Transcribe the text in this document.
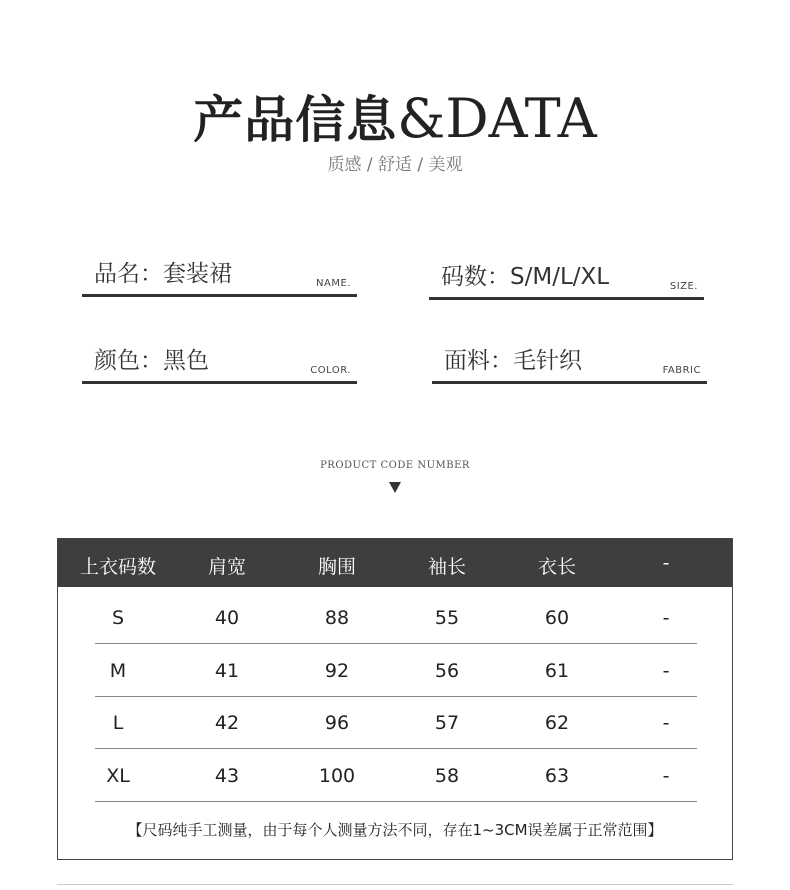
产品信息&DATA
质感 / 舒适 / 美观
品名：套装裙	NAME.	码数：S/M/L/XL	SIZE.
颜色：黑色	COLOR.	面料：毛针织	FABRIC
PRODUCT CODE NUMBER
上衣码数	肩宽	胸围	袖长	衣长	-
S	40	88	55	60	-
M	41	92	56	61	-
L	42	96	57	62	-
XL	43	100	58	63	-
【尺码纯手工测量，由于每个人测量方法不同，存在1~3CM误差属于正常范围】
